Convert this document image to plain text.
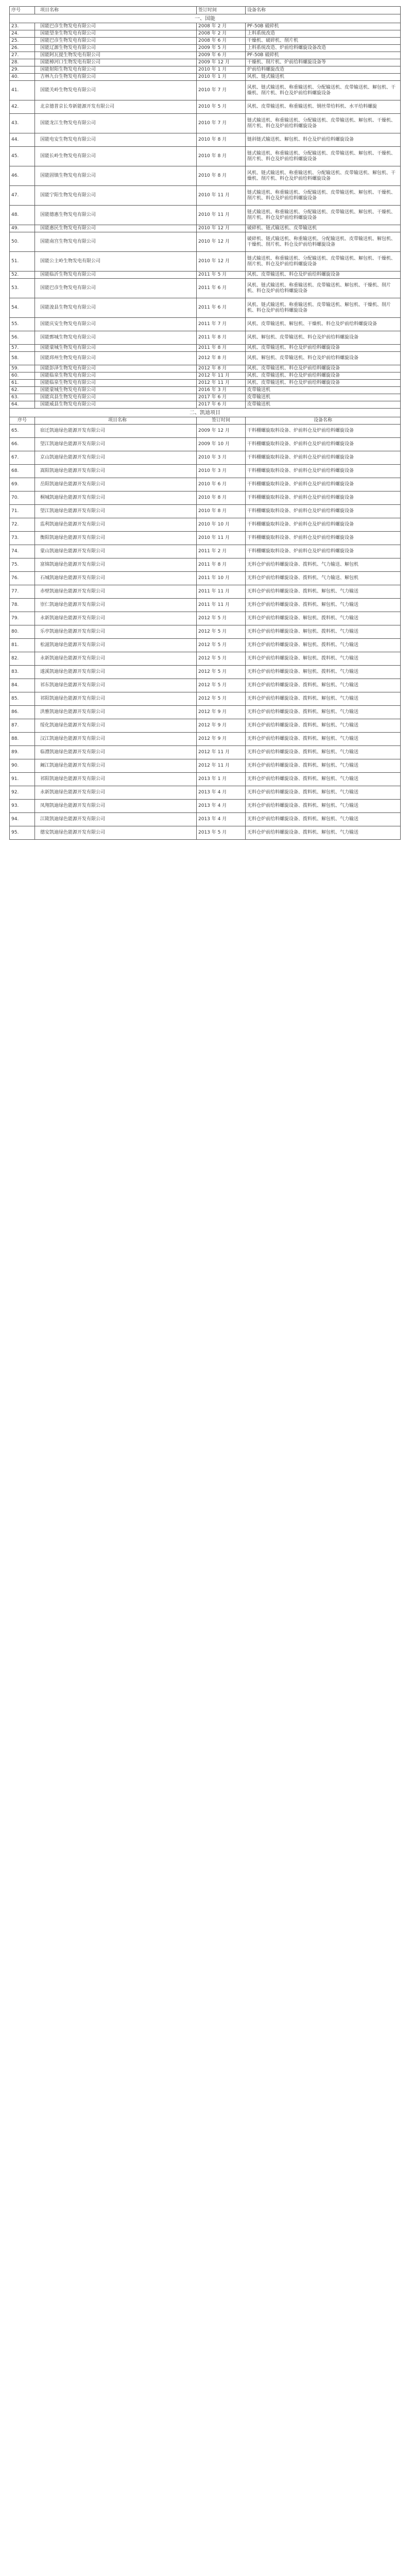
序号	项目名称	签订时间	设备名称
一、国能			
23.	国能巴彦生物发电有限公司	2008 年 2 月	PF-50B 破碎机
24.	国能望奎生物发电有限公司	2008 年 2 月	上料系统改造
25.	国能巴彦生物发电有限公司	2008 年 6 月	干燥机、破碎机、削片机
26.	国能辽源生物发电有限公司	2009 年 5 月	上料系统改造、炉前给料螺旋设备改造
27.	国能阿瓦提生物发电有限公司	2009 年 6 月	PF-50B 破碎机
28.	国能樟河口生物发电有限公司	2009 年 12 月	干燥机、削片机、炉前给料螺旋设备等
29.	国能射阳生物发电有限公司	2010 年 1 月	炉前给料螺旋改造
40.	吉林九台生物发电有限公司	2010 年 1 月	风机、链式输送机
41.	国能关岭生物发电有限公司	2010 年 7 月	风机、链式输送机、称重输送机、分配输送机、皮带输送机、解包机、干燥机、削片机、料仓及炉前给料螺旋设备
42.	北京德普京长寿新能源开发有限公司	2010 年 5 月	风机、皮带输送机、称重输送机、钢丝带给料机、水平给料螺旋
43.	国能龙江生物发电有限公司	2010 年 7 月	链式输送机、称重输送机、分配输送机、皮带输送机、解包机、干燥机、削片机、料仓及炉前给料螺旋设备
44.	国能电安生物发电有限公司	2010 年 8 月	链斜链式输送机、解包机、料仓及炉前给料螺旋设备
45.	国能长岭生物发电有限公司	2010 年 8 月	链式输送机、称重输送机、分配输送机、皮带输送机、解包机、干燥机、削片机、料仓及炉前给料螺旋设备
46.	国能固镇生物发电有限公司	2010 年 8 月	风机、链式输送机、称重输送机、分配输送机、皮带输送机、解包机、干燥机、削片机、料仓及炉前给料螺旋设备
47.	国能宁阳生物发电有限公司	2010 年 11 月	链式输送机、称重输送机、分配输送机、皮带输送机、解包机、干燥机、削片机、料仓及炉前给料螺旋设备
48.	国能德惠生物发电有限公司	2010 年 11 月	链式输送机、称重输送机、分配输送机、皮带输送机、解包机、干燥机、削片机、料仓及炉前给料螺旋设备
49.	国能惠民生物发电有限公司	2010 年 12 月	破碎机、链式输送机、皮带输送机
50.	国能南宫生物发电有限公司	2010 年 12 月	破碎机、链式输送机、称重输送机、分配输送机、皮带输送机、解包机、干燥机、削片机、料仓及炉前给料螺旋设备
51.	国能公主岭生物发电有限公司	2010 年 12 月	链式输送机、称重输送机、分配输送机、皮带输送机、解包机、干燥机、削片机、料仓及炉前给料螺旋设备
52.	国能临沂生物发电有限公司	2011 年 5 月	风机、皮带输送机、料仓及炉前给料螺旋设备
53.	国能巴彦生物发电有限公司	2011 年 6 月	风机、链式输送机、称重输送机、皮带输送机、解包机、干燥机、削片机、料仓及炉前给料螺旋设备
54.	国能浚县生物发电有限公司	2011 年 6 月	风机、链式输送机、称重输送机、皮带输送机、解包机、干燥机、削片机、料仓及炉前给料螺旋设备
55.	国能庆安生物发电有限公司	2011 年 7 月	风机、皮带输送机、解包机、干燥机、料仓及炉前给料螺旋设备
56.	国能鄄城生物发电有限公司	2011 年 8 月	风机、解包机、皮带输送机、料仓及炉前给料螺旋设备
57.	国能蒙城生物发电有限公司	2011 年 8 月	风机、皮带输送机、料仓及炉前给料螺旋设备
58.	国能邳州生物发电有限公司	2012 年 8 月	风机、解包机、皮带输送机、料仓及炉前给料螺旋设备
59.	国能彭泽生物发电有限公司	2012 年 8 月	风机、皮带输送机、料仓及炉前给料螺旋设备
60.	国能临泉生物发电有限公司	2012 年 11 月	风机、皮带输送机、料仓及炉前给料螺旋设备
61.	国能临泉生物发电有限公司	2012 年 11 月	风机、皮带输送机、料仓及炉前给料螺旋设备
62.	国能蒙城生物发电有限公司	2016 年 3 月	皮带输送机
63.	国能宾县生物发电有限公司	2017 年 6 月	皮带输送机
64.	国能威县生物发电有限公司	2017 年 6 月	皮带输送机
二、凯迪项目			
序号	项目名称	签订时间	设备名称
65.	宿迁凯迪绿色能源开发有限公司	2009 年 12 月	干料棚螺旋取料设备、炉前料仓及炉前给料螺旋设备
66.	望江凯迪绿色能源开发有限公司	2009 年 10 月	干料棚螺旋取料设备、炉前料仓及炉前给料螺旋设备
67.	京山凯迪绿色能源开发有限公司	2010 年 3 月	干料棚螺旋取料设备、炉前料仓及炉前给料螺旋设备
68.	嵩阳凯迪绿色能源开发有限公司	2010 年 3 月	干料棚螺旋取料设备、炉前料仓及炉前给料螺旋设备
69.	岳阳凯迪绿色能源开发有限公司	2010 年 6 月	干料棚螺旋取料设备、炉前料仓及炉前给料螺旋设备
70.	桐城凯迪绿色能源开发有限公司	2010 年 8 月	干料棚螺旋取料设备、炉前料仓及炉前给料螺旋设备
71.	望江凯迪绿色能源开发有限公司	2010 年 8 月	干料棚螺旋取料设备、炉前料仓及炉前给料螺旋设备
72.	监利凯迪绿色能源开发有限公司	2010 年 10 月	干料棚螺旋取料设备、炉前料仓及炉前给料螺旋设备
73.	衡阳凯迪绿色能源开发有限公司	2010 年 11 月	干料棚螺旋取料设备、炉前料仓及炉前给料螺旋设备
74.	蒙山凯迪绿色能源开发有限公司	2011 年 2 月	干料棚螺旋取料设备、炉前料仓及炉前给料螺旋设备
75.	富锦凯迪绿色能源开发有限公司	2011 年 8 月	无料仓炉前给料螺旋设备、拨料机、气力输送、解包机
76.	石城凯迪绿色能源开发有限公司	2011 年 10 月	无料仓炉前给料螺旋设备、拨料机、气力输送、解包机
77.	赤壁凯迪绿色能源开发有限公司	2011 年 11 月	无料仓炉前给料螺旋设备、拨料机、解包机、气力输送
78.	崇仁凯迪绿色能源开发有限公司	2011 年 11 月	无料仓炉前给料螺旋设备、拨料机、解包机、气力输送
79.	永新凯迪绿色能源开发有限公司	2012 年 5 月	无料仓炉前给料螺旋设备、解包机、拨料机、气力输送
80.	乐亭凯迪绿色能源开发有限公司	2012 年 5 月	无料仓炉前给料螺旋设备、解包机、拨料机、气力输送
81.	松滋凯迪绿色能源开发有限公司	2012 年 5 月	无料仓炉前给料螺旋设备、解包机、拨料机、气力输送
82.	永新凯迪绿色能源开发有限公司	2012 年 5 月	无料仓炉前给料螺旋设备、解包机、拨料机、气力输送
83.	遂溪凯迪绿色能源开发有限公司	2012 年 5 月	无料仓炉前给料螺旋设备、解包机、拨料机、气力输送
84.	祁东凯迪绿色能源开发有限公司	2012 年 5 月	无料仓炉前给料螺旋设备、拨料机、解包机、气力输送
85.	祁阳凯迪绿色能源开发有限公司	2012 年 5 月	无料仓炉前给料螺旋设备、拨料机、解包机、气力输送
86.	洪雅凯迪绿色能源开发有限公司	2012 年 9 月	无料仓炉前给料螺旋设备、拨料机、解包机、气力输送
87.	绥化凯迪绿色能源开发有限公司	2012 年 9 月	无料仓炉前给料螺旋设备、拨料机、解包机、气力输送
88.	汉江凯迪绿色能源开发有限公司	2012 年 9 月	无料仓炉前给料螺旋设备、拨料机、解包机、气力输送
89.	临澧凯迪绿色能源开发有限公司	2012 年 11 月	无料仓炉前给料螺旋设备、拨料机、解包机、气力输送
90.	阚江凯迪绿色能源开发有限公司	2012 年 11 月	无料仓炉前给料螺旋设备、拨料机、解包机、气力输送
91.	祁阳凯迪绿色能源开发有限公司	2013 年 1 月	无料仓炉前给料螺旋设备、拨料机、解包机、气力输送
92.	永新凯迪绿色能源开发有限公司	2013 年 4 月	无料仓炉前给料螺旋设备、拨料机、解包机、气力输送
93.	凤翔凯迪绿色能源开发有限公司	2013 年 4 月	无料仓炉前给料螺旋设备、拨料机、解包机、气力输送
94.	江陵凯迪绿色能源开发有限公司	2013 年 4 月	无料仓炉前给料螺旋设备、拨料机、解包机、气力输送
95.	德安凯迪绿色能源开发有限公司	2013 年 5 月	无料仓炉前给料螺旋设备、拨料机、解包机、气力输送
